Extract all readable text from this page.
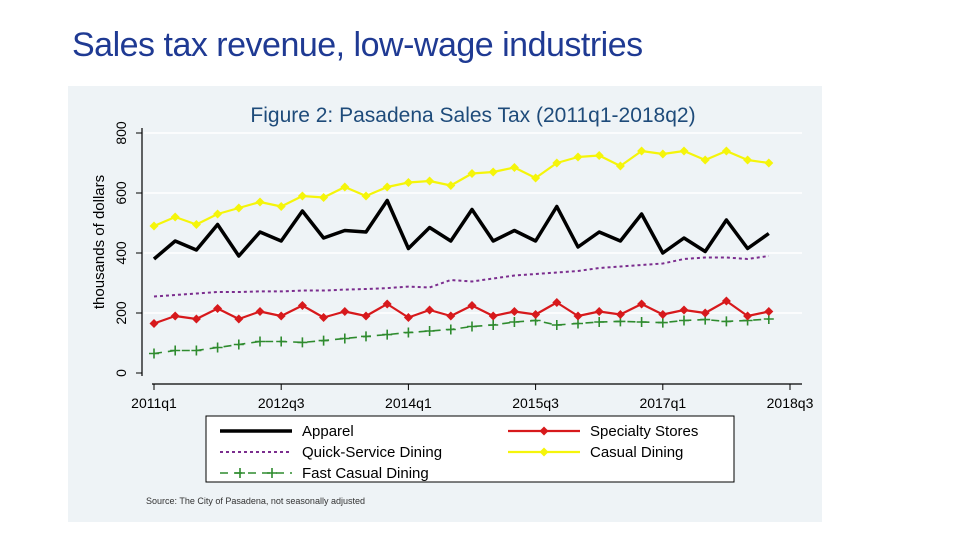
Sales tax revenue, low-wage industries
Figure 2: Pasadena Sales Tax (2011q1-2018q2)
0
200
400
600
800
2011q1	2012q3	2014q1	2015q3	2017q1	2018q3
thousands of dollars
Apparel	Specialty Stores
Quick-Service Dining	Casual Dining
Fast Casual Dining
Source: The City of Pasadena, not seasonally adjusted
